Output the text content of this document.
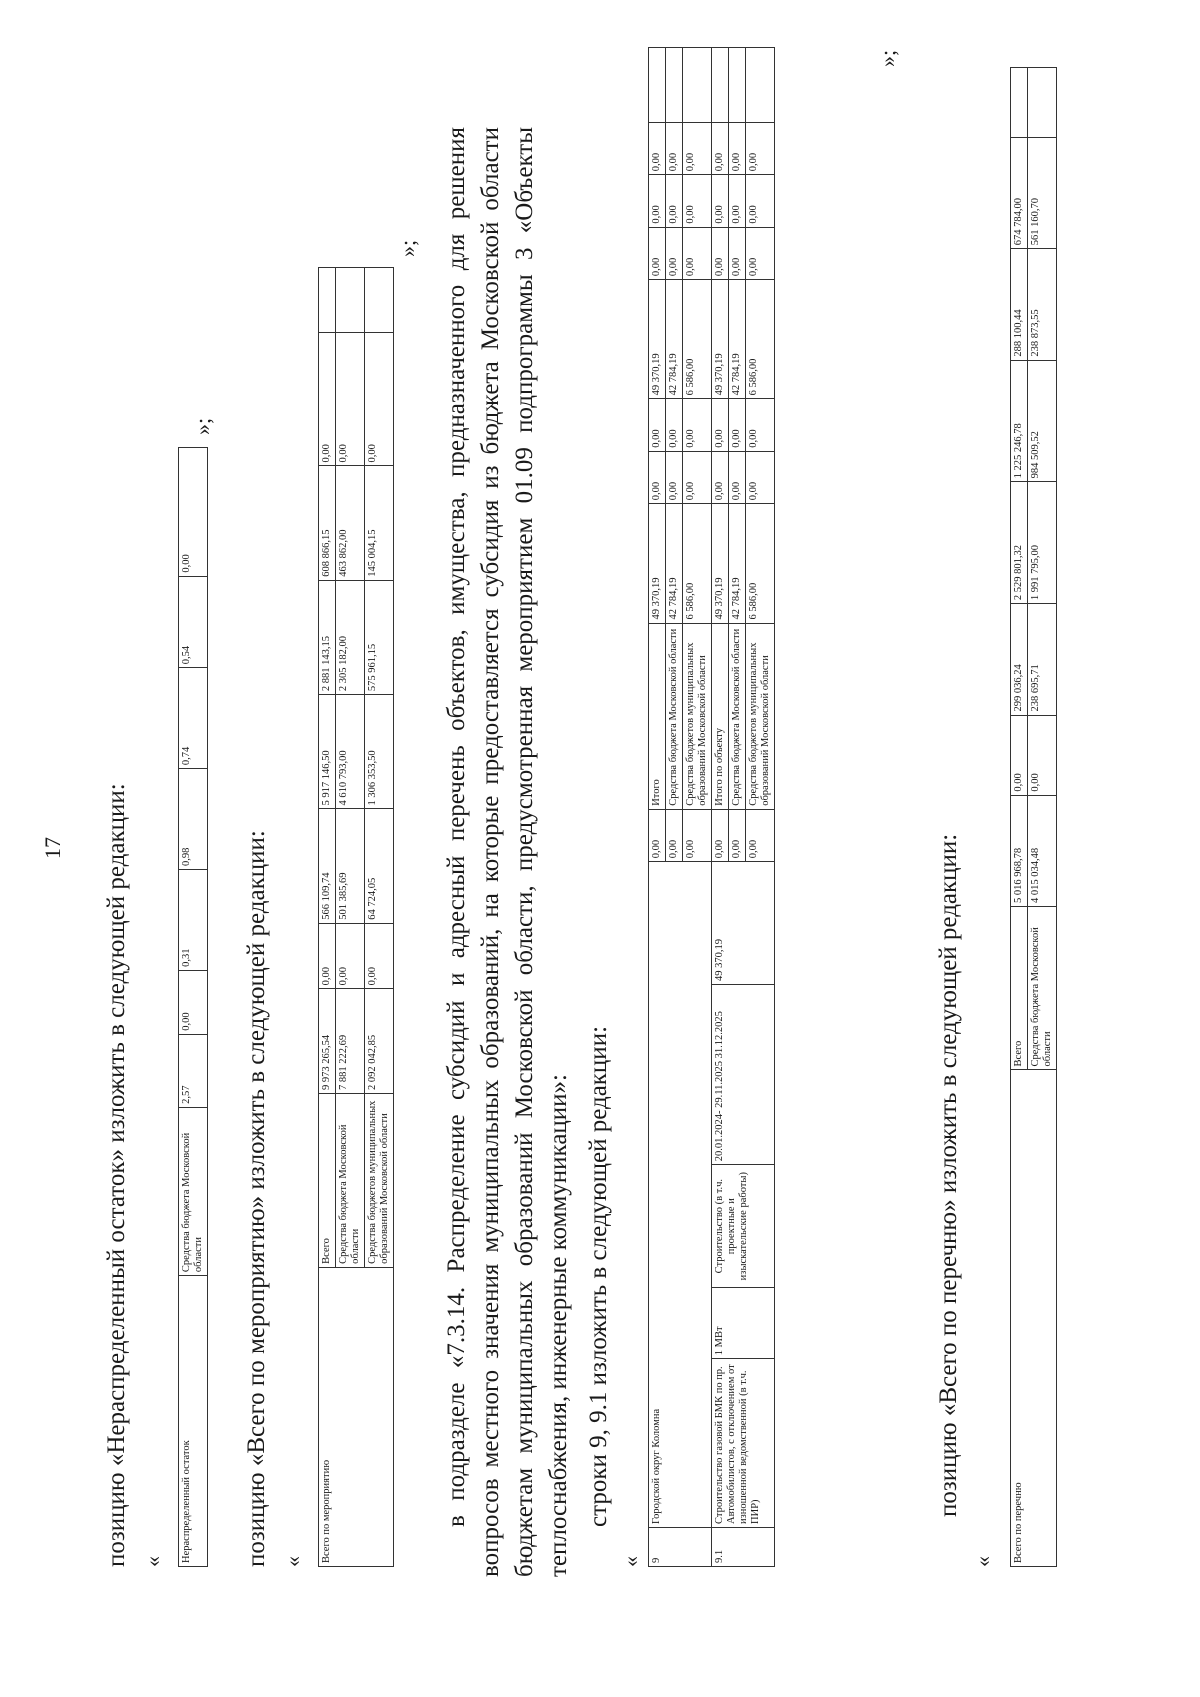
17 позицию «Нераспределенный остаток» изложить в следующей редакции: « Нераспределенный остаток	Средства бюджета Московской области	2,57	0,00	0,31	0,98	0,74	0,54	0,00
»;
позицию «Всего по мероприятию» изложить в следующей редакции: « Всего по мероприятию	Всего	9 973 265,54	0,00	566 109,74	5 917 146,50	2 881 143,15	608 866,15	0,00	
	Средства бюджета Московской области	7 881 222,69	0,00	501 385,69	4 610 793,00	2 305 182,00	463 862,00	0,00	
	Средства бюджетов муниципальных образований Московской области	2 092 042,85	0,00	64 724,05	1 306 353,50	575 961,15	145 004,15	0,00	
»; в подразделе «7.3.14. Распределение субсидий и адресный перечень объектов, имущества, предназначенного для решения вопросов местного значения муниципальных образований, на которые предоставляется субсидия из бюджета Московской области бюджетам муниципальных образований Московской области, предусмотренная мероприятием 01.09 подпрограммы 3 «Объекты теплоснабжения, инженерные коммуникации»: строки 9, 9.1 изложить в следующей редакции:
« 9	Городской округ Коломна					0,00	Итого	49 370,19	0,00	0,00	49 370,19	0,00	0,00	0,00	
						0,00	Средства бюджета Московской области	42 784,19	0,00	0,00	42 784,19	0,00	0,00	0,00	
						0,00	Средства бюджетов муниципальных образований Московской области	6 586,00	0,00	0,00	6 586,00	0,00	0,00	0,00	
9.1	Строительство газовой БМК по пр. Автомобилистов, с отключением от изношенной ведомственной (в т.ч. ПИР)	1 МВт	Строительство (в т.ч. проектные и изыскательские работы)	20.01.2024- 29.11.2025 31.12.2025	49 370,19	0,00	Итого по объекту	49 370,19	0,00	0,00	49 370,19	0,00	0,00	0,00	
						0,00	Средства бюджета Московской области	42 784,19	0,00	0,00	42 784,19	0,00	0,00	0,00	
						0,00	Средства бюджетов муниципальных образований Московской области	6 586,00	0,00	0,00	6 586,00	0,00	0,00	0,00	
»;
позицию «Всего по перечню» изложить в следующей редакции:
« Всего по перечню	Всего	5 016 968,78	0,00	299 036,24	2 529 801,32	1 225 246,78	288 100,44	674 784,00	
	Средства бюджета Московской области	4 015 034,48	0,00	238 695,71	1 991 795,00	984 509,52	238 873,55	561 160,70	
